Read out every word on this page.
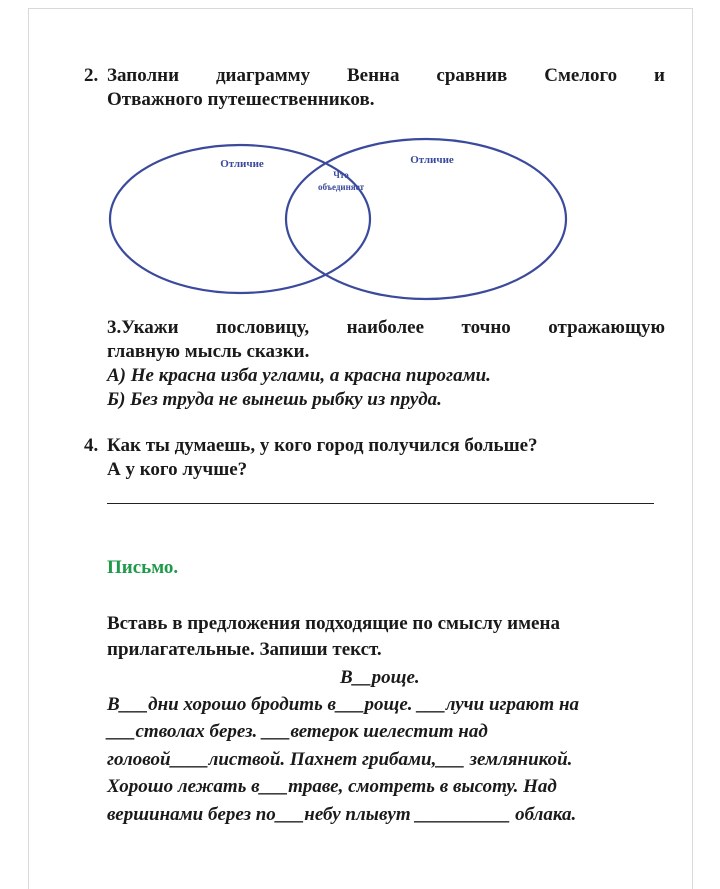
2. Заполни диаграмму Венна сравнив Смелого и
Отважного путешественников.
Отличие	Отличие
Что
объединяет
3.Укажи пословицу, наиболее точно отражающую
главную мысль сказки.
А) Не красна изба углами, а красна пирогами.
Б) Без труда не вынешь рыбку из пруда.
4. Как ты думаешь, у кого город получился больше?
А у кого лучше?
Письмо.
Вставь в предложения подходящие по смыслу имена
прилагательные. Запиши текст.
В__роще.
В___дни хорошо бродить в___роще. ___лучи играют на
___стволах берез. ___ветерок шелестит над
головой____листвой. Пахнет грибами,___ земляникой.
Хорошо лежать в___траве, смотреть в высоту. Над
вершинами берез по___небу плывут __________ облака.
